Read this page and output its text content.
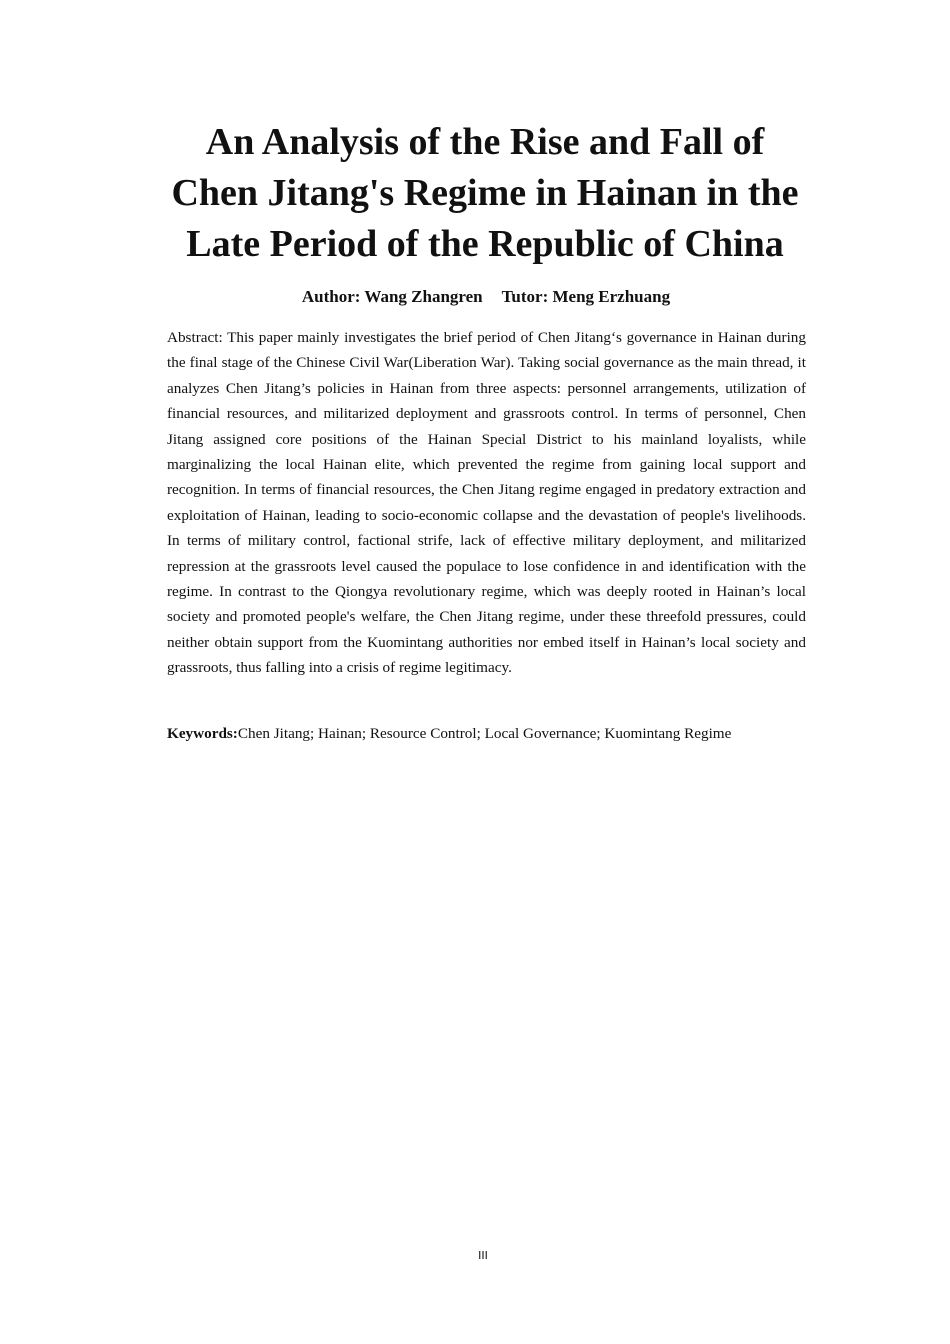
An Analysis of the Rise and Fall of
Chen Jitang's Regime in Hainan in the
Late Period of the Republic of China
Author: Wang Zhangren Tutor: Meng Erzhuang

Abstract: This paper mainly investigates the brief period of Chen Jitang‘s governance in Hainan during the final stage of the Chinese Civil War(Liberation War). Taking social governance as the main thread, it analyzes Chen Jitang’s policies in Hainan from three aspects: personnel arrangements, utilization of financial resources, and militarized deployment and grassroots control. In terms of personnel, Chen Jitang assigned core positions of the Hainan Special District to his mainland loyalists, while marginalizing the local Hainan elite, which prevented the regime from gaining local support and recognition. In terms of financial resources, the Chen Jitang regime engaged in predatory extraction and exploitation of Hainan, leading to socio-economic collapse and the devastation of people's livelihoods. In terms of military control, factional strife, lack of effective military deployment, and militarized repression at the grassroots level caused the populace to lose confidence in and identification with the regime. In contrast to the Qiongya revolutionary regime, which was deeply rooted in Hainan’s local society and promoted people's welfare, the Chen Jitang regime, under these threefold pressures, could neither obtain support from the Kuomintang authorities nor embed itself in Hainan’s local society and grassroots, thus falling into a crisis of regime legitimacy.

Keywords:Chen Jitang; Hainan; Resource Control; Local Governance; Kuomintang Regime

III
